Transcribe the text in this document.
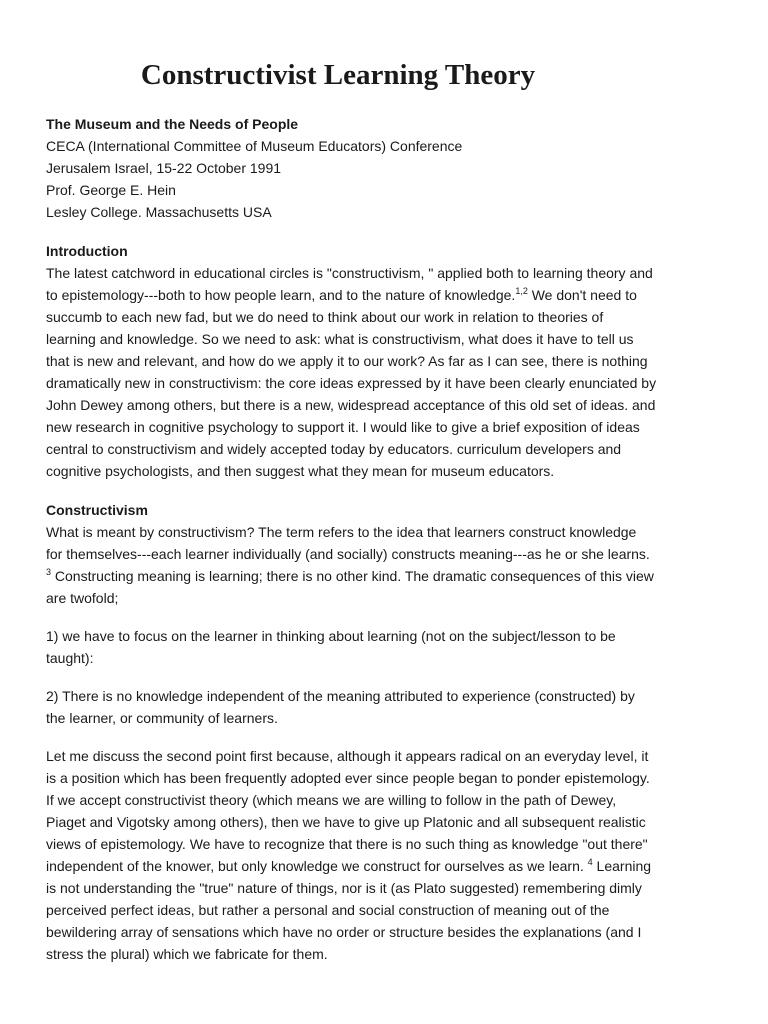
Constructivist Learning Theory
The Museum and the Needs of People
CECA (International Committee of Museum Educators) Conference
Jerusalem Israel, 15-22 October 1991
Prof. George E. Hein
Lesley College. Massachusetts USA
Introduction
The latest catchword in educational circles is "constructivism, " applied both to learning theory and
to epistemology---both to how people learn, and to the nature of knowledge.$^{1,2}$ We don't need to
succumb to each new fad, but we do need to think about our work in relation to theories of
learning and knowledge. So we need to ask: what is constructivism, what does it have to tell us
that is new and relevant, and how do we apply it to our work? As far as I can see, there is nothing
dramatically new in constructivism: the core ideas expressed by it have been clearly enunciated by
John Dewey among others, but there is a new, widespread acceptance of this old set of ideas. and
new research in cognitive psychology to support it. I would like to give a brief exposition of ideas
central to constructivism and widely accepted today by educators. curriculum developers and
cognitive psychologists, and then suggest what they mean for museum educators.
Constructivism
What is meant by constructivism? The term refers to the idea that learners construct knowledge
for themselves---each learner individually (and socially) constructs meaning---as he or she learns.
$^3$ Constructing meaning is learning; there is no other kind. The dramatic consequences of this view
are twofold;
1) we have to focus on the learner in thinking about learning (not on the subject/lesson to be
taught):
2) There is no knowledge independent of the meaning attributed to experience (constructed) by
the learner, or community of learners.
Let me discuss the second point first because, although it appears radical on an everyday level, it
is a position which has been frequently adopted ever since people began to ponder epistemology.
If we accept constructivist theory (which means we are willing to follow in the path of Dewey,
Piaget and Vigotsky among others), then we have to give up Platonic and all subsequent realistic
views of epistemology. We have to recognize that there is no such thing as knowledge "out there"
independent of the knower, but only knowledge we construct for ourselves as we learn. $^4$ Learning
is not understanding the "true" nature of things, nor is it (as Plato suggested) remembering dimly
perceived perfect ideas, but rather a personal and social construction of meaning out of the
bewildering array of sensations which have no order or structure besides the explanations (and I
stress the plural) which we fabricate for them.
